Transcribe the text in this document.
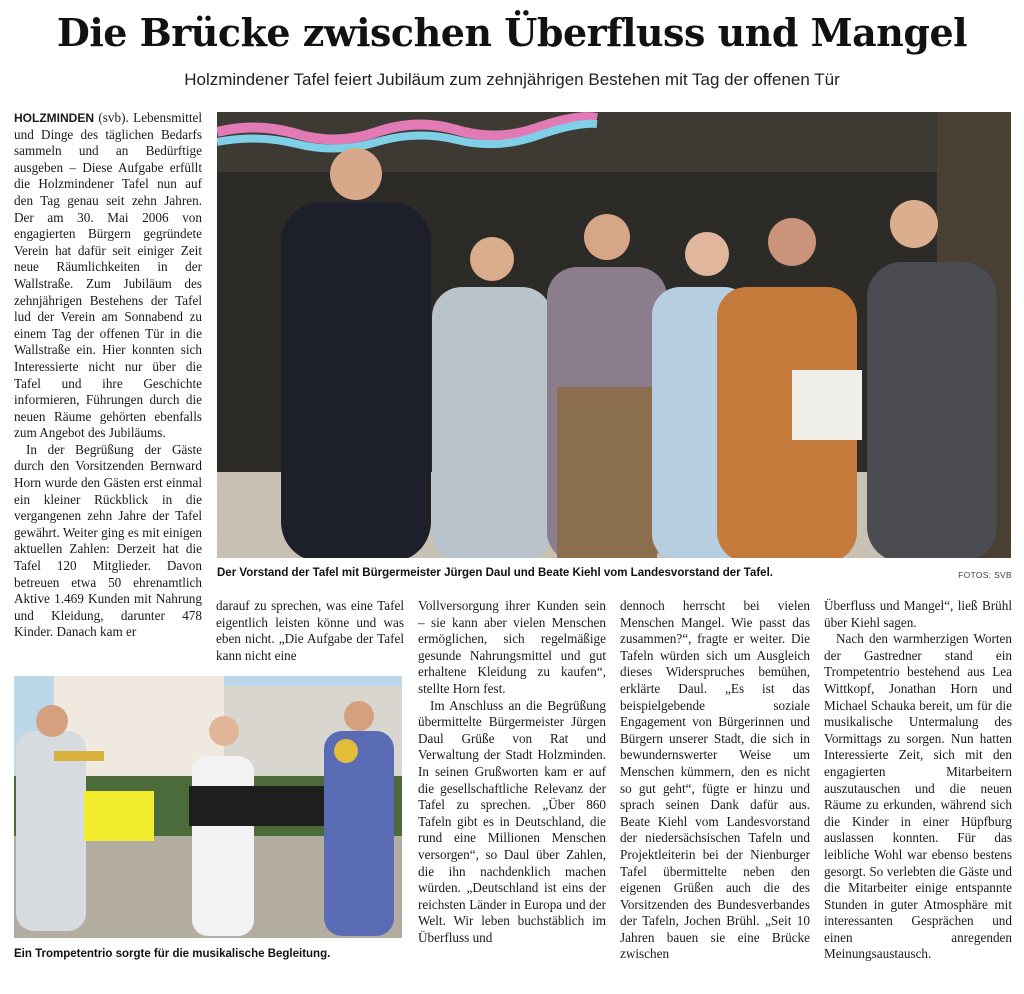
Die Brücke zwischen Überfluss und Mangel
Holzmindener Tafel feiert Jubiläum zum zehnjährigen Bestehen mit Tag der offenen Tür

HOLZMINDEN (svb). Lebensmittel und Dinge des täglichen Bedarfs sammeln und an Bedürftige ausgeben – Diese Aufgabe erfüllt die Holzmindener Tafel nun auf den Tag genau seit zehn Jahren. Der am 30. Mai 2006 von engagierten Bürgern gegründete Verein hat dafür seit einiger Zeit neue Räumlichkeiten in der Wallstraße. Zum Jubiläum des zehnjährigen Bestehens der Tafel lud der Verein am Sonnabend zu einem Tag der offenen Tür in die Wallstraße ein. Hier konnten sich Interessierte nicht nur über die Tafel und ihre Geschichte informieren, Führungen durch die neuen Räume gehörten ebenfalls zum Angebot des Jubiläums.

In der Begrüßung der Gäste durch den Vorsitzenden Bernward Horn wurde den Gästen erst einmal ein kleiner Rückblick in die vergangenen zehn Jahre der Tafel gewährt. Weiter ging es mit einigen aktuellen Zahlen: Derzeit hat die Tafel 120 Mitglieder. Davon betreuen etwa 50 ehrenamtlich Aktive 1.469 Kunden mit Nahrung und Kleidung, darunter 478 Kinder. Danach kam er

Der Vorstand der Tafel mit Bürgermeister Jürgen Daul und Beate Kiehl vom Landesvorstand der Tafel.	FOTOS: SVB

darauf zu sprechen, was eine Tafel eigentlich leisten könne und was eben nicht. „Die Aufgabe der Tafel kann nicht eine

Vollversorgung ihrer Kunden sein – sie kann aber vielen Menschen ermöglichen, sich regelmäßige gesunde Nahrungsmittel und gut erhaltene Kleidung zu kaufen“, stellte Horn fest.

Im Anschluss an die Begrüßung übermittelte Bürgermeister Jürgen Daul Grüße von Rat und Verwaltung der Stadt Holzminden. In seinen Grußworten kam er auf die gesellschaftliche Relevanz der Tafel zu sprechen. „Über 860 Tafeln gibt es in Deutschland, die rund eine Millionen Menschen versorgen“, so Daul über Zahlen, die ihn nachdenklich machen würden. „Deutschland ist eins der reichsten Länder in Europa und der Welt. Wir leben buchstäblich im Überfluss und

dennoch herrscht bei vielen Menschen Mangel. Wie passt das zusammen?“, fragte er weiter. Die Tafeln würden sich um Ausgleich dieses Widerspruches bemühen, erklärte Daul. „Es ist das beispielgebende soziale Engagement von Bürgerinnen und Bürgern unserer Stadt, die sich in bewundernswerter Weise um Menschen kümmern, den es nicht so gut geht“, fügte er hinzu und sprach seinen Dank dafür aus. Beate Kiehl vom Landesvorstand der niedersächsischen Tafeln und Projektleiterin bei der Nienburger Tafel übermittelte neben den eigenen Grüßen auch die des Vorsitzenden des Bundesverbandes der Tafeln, Jochen Brühl. „Seit 10 Jahren bauen sie eine Brücke zwischen

Überfluss und Mangel“, ließ Brühl über Kiehl sagen.

Nach den warmherzigen Worten der Gastredner stand ein Trompetentrio bestehend aus Lea Wittkopf, Jonathan Horn und Michael Schauka bereit, um für die musikalische Untermalung des Vormittags zu sorgen. Nun hatten Interessierte Zeit, sich mit den engagierten Mitarbeitern auszutauschen und die neuen Räume zu erkunden, während sich die Kinder in einer Hüpfburg auslassen konnten. Für das leibliche Wohl war ebenso bestens gesorgt. So verlebten die Gäste und die Mitarbeiter einige entspannte Stunden in guter Atmosphäre mit interessanten Gesprächen und einen anregenden Meinungsaustausch.

Ein Trompetentrio sorgte für die musikalische Begleitung.
